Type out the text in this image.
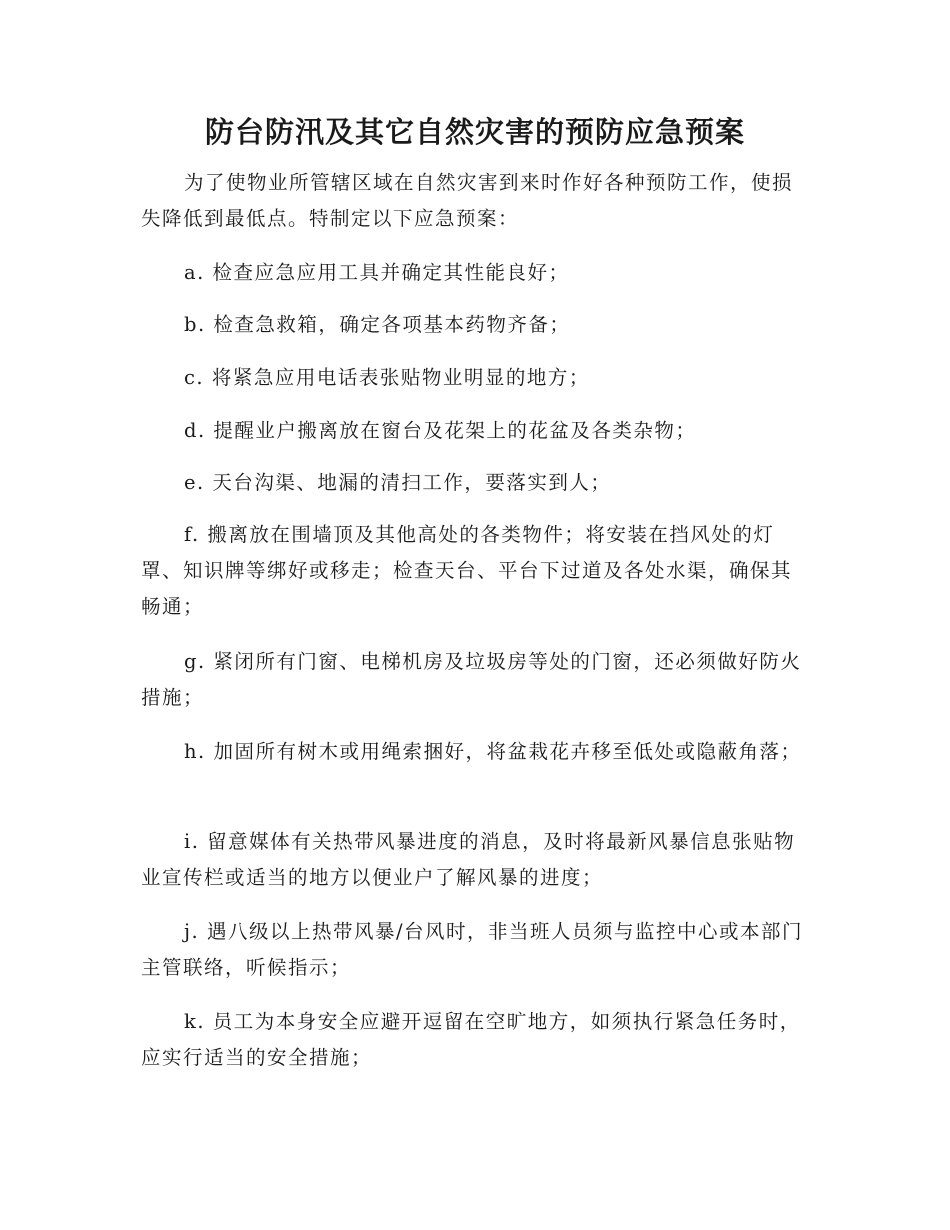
防台防汛及其它自然灾害的预防应急预案

为了使物业所管辖区域在自然灾害到来时作好各种预防工作，使损失降低到最低点。特制定以下应急预案：

a. 检查应急应用工具并确定其性能良好；

b. 检查急救箱，确定各项基本药物齐备；

c. 将紧急应用电话表张贴物业明显的地方；

d. 提醒业户搬离放在窗台及花架上的花盆及各类杂物；

e. 天台沟渠、地漏的清扫工作，要落实到人；

f. 搬离放在围墙顶及其他高处的各类物件；将安装在挡风处的灯罩、知识牌等绑好或移走；检查天台、平台下过道及各处水渠，确保其畅通；

g. 紧闭所有门窗、电梯机房及垃圾房等处的门窗，还必须做好防火措施；

h. 加固所有树木或用绳索捆好，将盆栽花卉移至低处或隐蔽角落；

i. 留意媒体有关热带风暴进度的消息，及时将最新风暴信息张贴物业宣传栏或适当的地方以便业户了解风暴的进度；

j. 遇八级以上热带风暴/台风时，非当班人员须与监控中心或本部门主管联络，听候指示；

k. 员工为本身安全应避开逗留在空旷地方，如须执行紧急任务时，应实行适当的安全措施；
